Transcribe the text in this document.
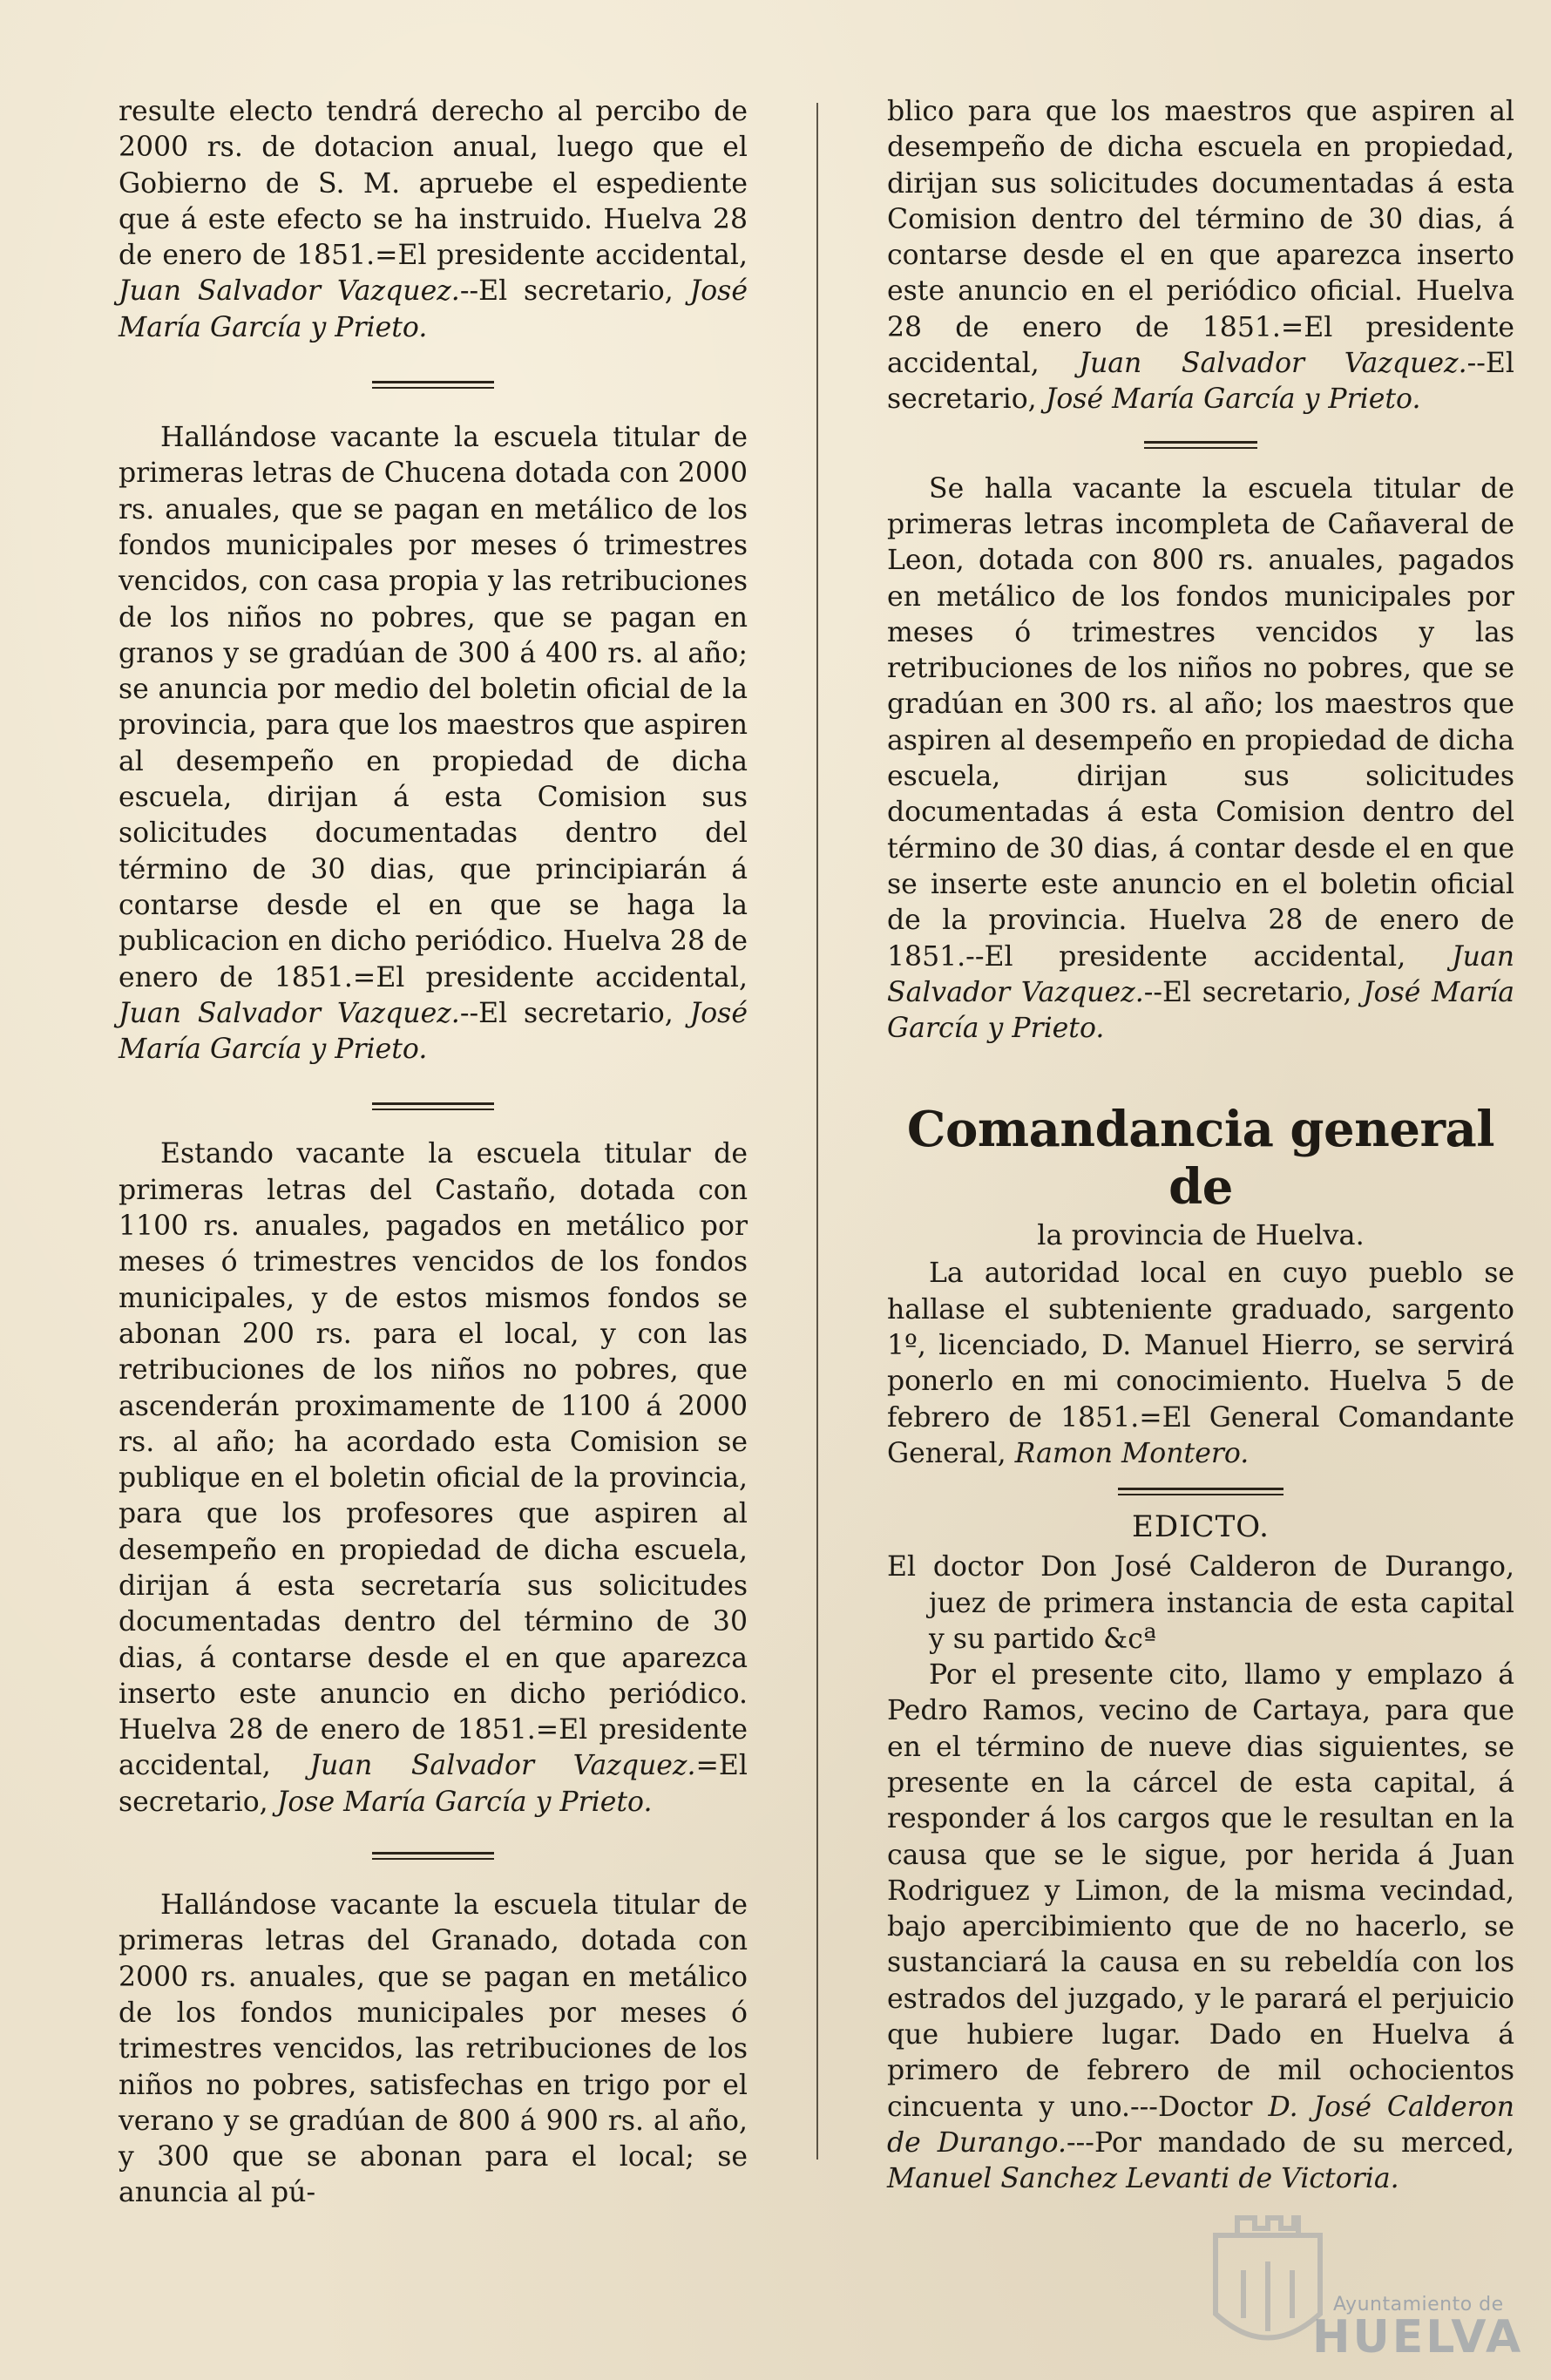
resulte electo tendrá derecho al percibo de 2000 rs. de dotacion anual, luego que el Gobierno de S. M. apruebe el espediente que á este efecto se ha instruido. Huelva 28 de enero de 1851.=El presidente accidental, Juan Salvador Vazquez.--El secretario, José María García y Prieto.

Hallándose vacante la escuela titular de primeras letras de Chucena dotada con 2000 rs. anuales, que se pagan en metálico de los fondos municipales por meses ó trimestres vencidos, con casa propia y las retribuciones de los niños no pobres, que se pagan en granos y se gradúan de 300 á 400 rs. al año; se anuncia por medio del boletin oficial de la provincia, para que los maestros que aspiren al desempeño en propiedad de dicha escuela, dirijan á esta Comision sus solicitudes documentadas dentro del término de 30 dias, que principiarán á contarse desde el en que se haga la publicacion en dicho periódico. Huelva 28 de enero de 1851.=El presidente accidental, Juan Salvador Vazquez.--El secretario, José María García y Prieto.

Estando vacante la escuela titular de primeras letras del Castaño, dotada con 1100 rs. anuales, pagados en metálico por meses ó trimestres vencidos de los fondos municipales, y de estos mismos fondos se abonan 200 rs. para el local, y con las retribuciones de los niños no pobres, que ascenderán proximamente de 1100 á 2000 rs. al año; ha acordado esta Comision se publique en el boletin oficial de la provincia, para que los profesores que aspiren al desempeño en propiedad de dicha escuela, dirijan á esta secretaría sus solicitudes documentadas dentro del término de 30 dias, á contarse desde el en que aparezca inserto este anuncio en dicho periódico. Huelva 28 de enero de 1851.=El presidente accidental, Juan Salvador Vazquez.=El secretario, Jose María García y Prieto.

Hallándose vacante la escuela titular de primeras letras del Granado, dotada con 2000 rs. anuales, que se pagan en metálico de los fondos municipales por meses ó trimestres vencidos, las retribuciones de los niños no pobres, satisfechas en trigo por el verano y se gradúan de 800 á 900 rs. al año, y 300 que se abonan para el local; se anuncia al pú-

blico para que los maestros que aspiren al desempeño de dicha escuela en propiedad, dirijan sus solicitudes documentadas á esta Comision dentro del término de 30 dias, á contarse desde el en que aparezca inserto este anuncio en el periódico oficial. Huelva 28 de enero de 1851.=El presidente accidental, Juan Salvador Vazquez.--El secretario, José María García y Prieto.

Se halla vacante la escuela titular de primeras letras incompleta de Cañaveral de Leon, dotada con 800 rs. anuales, pagados en metálico de los fondos municipales por meses ó trimestres vencidos y las retribuciones de los niños no pobres, que se gradúan en 300 rs. al año; los maestros que aspiren al desempeño en propiedad de dicha escuela, dirijan sus solicitudes documentadas á esta Comision dentro del término de 30 dias, á contar desde el en que se inserte este anuncio en el boletin oficial de la provincia. Huelva 28 de enero de 1851.--El presidente accidental, Juan Salvador Vazquez.--El secretario, José María García y Prieto.

Comandancia general de
la provincia de Huelva.

La autoridad local en cuyo pueblo se hallase el subteniente graduado, sargento 1º, licenciado, D. Manuel Hierro, se servirá ponerlo en mi conocimiento. Huelva 5 de febrero de 1851.=El General Comandante General, Ramon Montero.

EDICTO.

El doctor Don José Calderon de Durango, juez de primera instancia de esta capital y su partido &cª

Por el presente cito, llamo y emplazo á Pedro Ramos, vecino de Cartaya, para que en el término de nueve dias siguientes, se presente en la cárcel de esta capital, á responder á los cargos que le resultan en la causa que se le sigue, por herida á Juan Rodriguez y Limon, de la misma vecindad, bajo apercibimiento que de no hacerlo, se sustanciará la causa en su rebeldía con los estrados del juzgado, y le parará el perjuicio que hubiere lugar. Dado en Huelva á primero de febrero de mil ochocientos cincuenta y uno.---Doctor D. José Calderon de Durango.---Por mandado de su merced, Manuel Sanchez Levanti de Victoria.

Ayuntamiento de
HUELVA
